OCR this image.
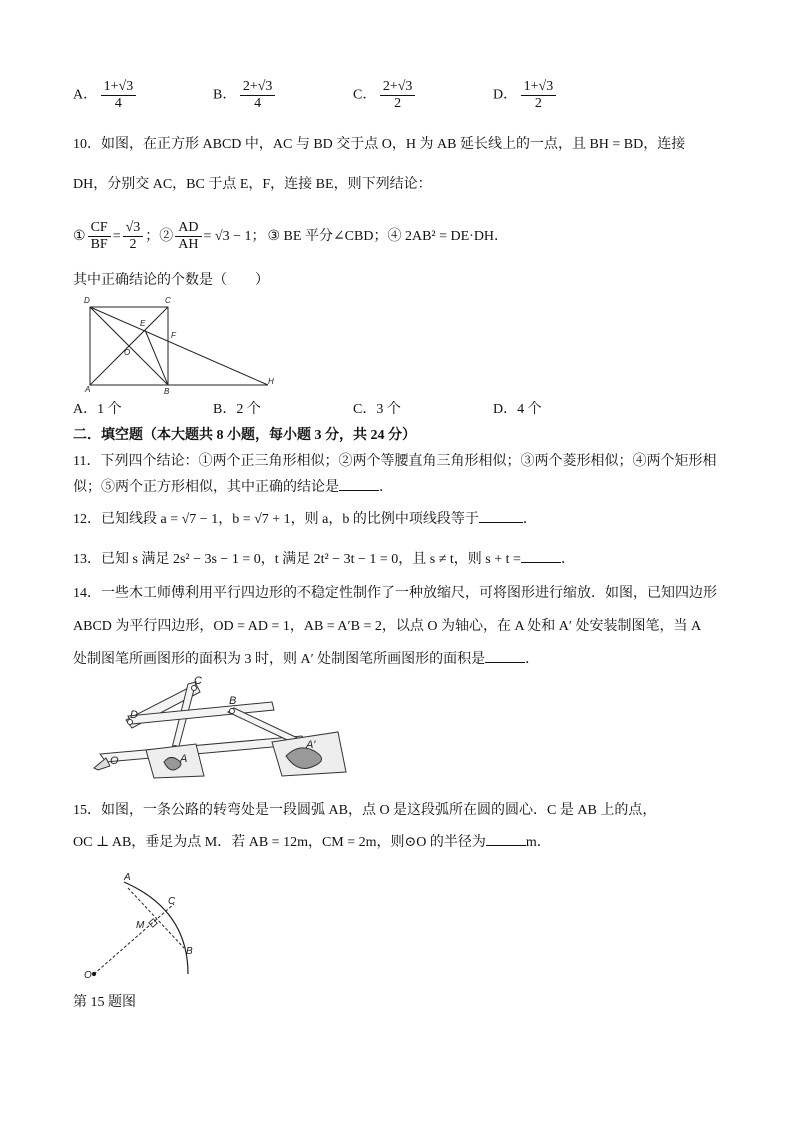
A． $\frac{1+√3}{4}$	B． $\frac{2+√3}{4}$	C． $\frac{2+√3}{2}$	D． $\frac{1+√3}{2}$
10．如图，在正方形 ABCD 中，AC 与 BD 交于点 O，H 为 AB 延长线上的一点，且 BH = BD，连接
DH，分别交 AC，BC 于点 E，F，连接 BE，则下列结论：
① $\frac{CF}{BF} = \frac{√3}{2}$ ；② $\frac{AD}{AH} = √3 - 1$； ③ BE 平分∠CBD；④ 2AB² = DE·DH．
其中正确结论的个数是（　　）
D	C
E
F
O
A	B
H
A．1 个	B．2 个	C．3 个	D．4 个
二．填空题（本大题共 8 小题，每小题 3 分，共 24 分）
11．下列四个结论：①两个正三角形相似；②两个等腰直角三角形相似；③两个菱形相似；④两个矩形相
似；⑤两个正方形相似，其中正确的结论是	．
12．已知线段 a = √7 − 1，b = √7 + 1，则 a，b 的比例中项线段等于	．
13．已知 s 满足 2s² − 3s − 1 = 0，t 满足 2t² − 3t − 1 = 0，且 s ≠ t，则 s + t =	．
14．一些木工师傅利用平行四边形的不稳定性制作了一种放缩尺，可将图形进行缩放．如图，已知四边形
ABCD 为平行四边形，OD = AD = 1，AB = A′B = 2，以点 O 为轴心，在 A 处和 A′ 处安装制图笔，当 A
处制图笔所画图形的面积为 3 时，则 A′ 处制图笔所画图形的面积是	．
C
B
D
O	A
A′
15．如图，一条公路的转弯处是一段圆弧 AB，点 O 是这段弧所在圆的圆心．C 是 AB 上的点，
OC ⊥ AB，垂足为点 M．若 AB = 12m，CM = 2m，则⊙O 的半径为	m．
A
C
M
B
O
第 15 题图
